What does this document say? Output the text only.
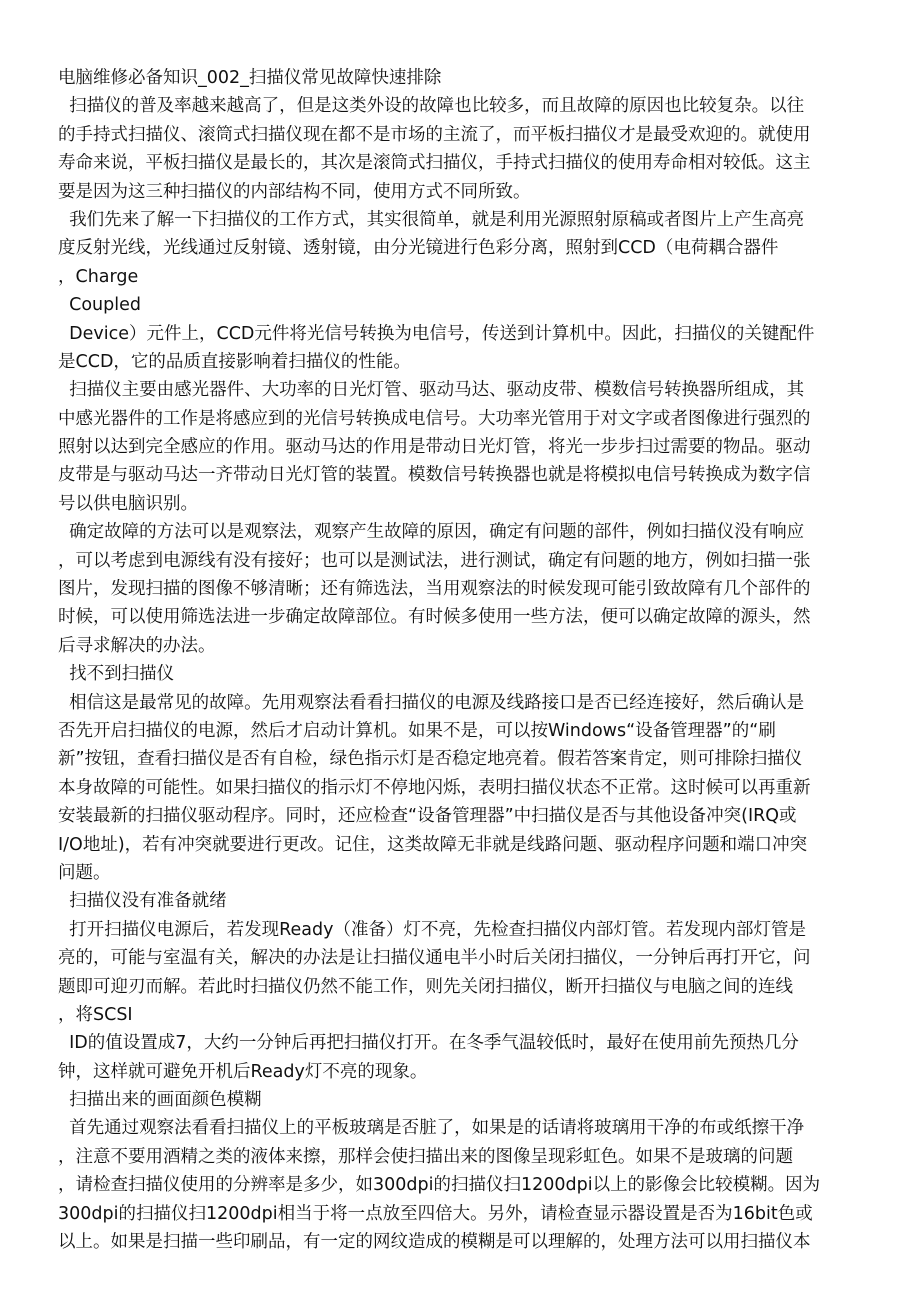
电脑维修必备知识_002_扫描仪常见故障快速排除
扫描仪的普及率越来越高了，但是这类外设的故障也比较多，而且故障的原因也比较复杂。以往
的手持式扫描仪、滚筒式扫描仪现在都不是市场的主流了，而平板扫描仪才是最受欢迎的。就使用
寿命来说，平板扫描仪是最长的，其次是滚筒式扫描仪，手持式扫描仪的使用寿命相对较低。这主
要是因为这三种扫描仪的内部结构不同，使用方式不同所致。
我们先来了解一下扫描仪的工作方式，其实很简单，就是利用光源照射原稿或者图片上产生高亮
度反射光线，光线通过反射镜、透射镜，由分光镜进行色彩分离，照射到CCD（电荷耦合器件
，Charge
Coupled
Device）元件上，CCD元件将光信号转换为电信号，传送到计算机中。因此，扫描仪的关键配件
是CCD，它的品质直接影响着扫描仪的性能。
扫描仪主要由感光器件、大功率的日光灯管、驱动马达、驱动皮带、模数信号转换器所组成，其
中感光器件的工作是将感应到的光信号转换成电信号。大功率光管用于对文字或者图像进行强烈的
照射以达到完全感应的作用。驱动马达的作用是带动日光灯管，将光一步步扫过需要的物品。驱动
皮带是与驱动马达一齐带动日光灯管的装置。模数信号转换器也就是将模拟电信号转换成为数字信
号以供电脑识别。
确定故障的方法可以是观察法，观察产生故障的原因，确定有问题的部件，例如扫描仪没有响应
，可以考虑到电源线有没有接好；也可以是测试法，进行测试，确定有问题的地方，例如扫描一张
图片，发现扫描的图像不够清晰；还有筛选法，当用观察法的时候发现可能引致故障有几个部件的
时候，可以使用筛选法进一步确定故障部位。有时候多使用一些方法，便可以确定故障的源头，然
后寻求解决的办法。
找不到扫描仪
相信这是最常见的故障。先用观察法看看扫描仪的电源及线路接口是否已经连接好，然后确认是
否先开启扫描仪的电源，然后才启动计算机。如果不是，可以按Windows“设备管理器”的“刷
新”按钮，查看扫描仪是否有自检，绿色指示灯是否稳定地亮着。假若答案肯定，则可排除扫描仪
本身故障的可能性。如果扫描仪的指示灯不停地闪烁，表明扫描仪状态不正常。这时候可以再重新
安装最新的扫描仪驱动程序。同时，还应检查“设备管理器”中扫描仪是否与其他设备冲突(IRQ或
I/O地址)，若有冲突就要进行更改。记住，这类故障无非就是线路问题、驱动程序问题和端口冲突
问题。
扫描仪没有准备就绪
打开扫描仪电源后，若发现Ready（准备）灯不亮，先检查扫描仪内部灯管。若发现内部灯管是
亮的，可能与室温有关，解决的办法是让扫描仪通电半小时后关闭扫描仪，一分钟后再打开它，问
题即可迎刃而解。若此时扫描仪仍然不能工作，则先关闭扫描仪，断开扫描仪与电脑之间的连线
，将SCSI
ID的值设置成7，大约一分钟后再把扫描仪打开。在冬季气温较低时，最好在使用前先预热几分
钟，这样就可避免开机后Ready灯不亮的现象。
扫描出来的画面颜色模糊
首先通过观察法看看扫描仪上的平板玻璃是否脏了，如果是的话请将玻璃用干净的布或纸擦干净
，注意不要用酒精之类的液体来擦，那样会使扫描出来的图像呈现彩虹色。如果不是玻璃的问题
，请检查扫描仪使用的分辨率是多少，如300dpi的扫描仪扫1200dpi以上的影像会比较模糊。因为
300dpi的扫描仪扫1200dpi相当于将一点放至四倍大。另外，请检查显示器设置是否为16bit色或
以上。如果是扫描一些印刷品，有一定的网纹造成的模糊是可以理解的，处理方法可以用扫描仪本
